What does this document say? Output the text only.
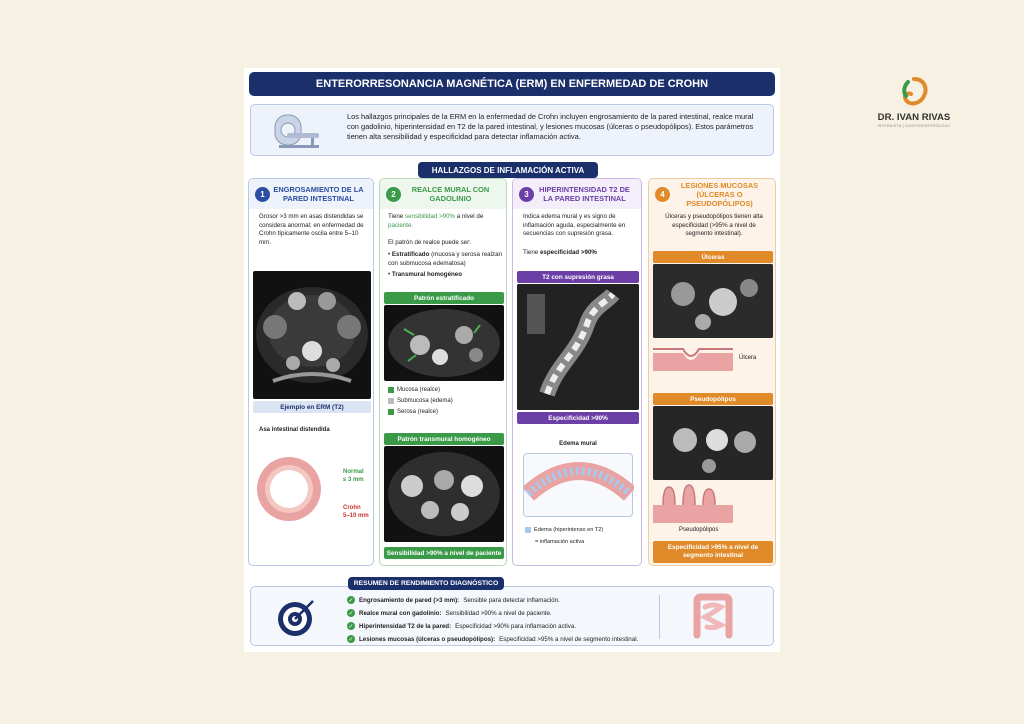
DR. IVAN RIVAS
INTERNISTA | GASTROENTERÓLOGO
ENTERORRESONANCIA MAGNÉTICA (ERM) EN ENFERMEDAD DE CROHN

Los hallazgos principales de la ERM en la enfermedad de Crohn incluyen engrosamiento de la pared intestinal, realce mural con gadolinio, hiperintensidad en T2 de la pared intestinal, y lesiones mucosas (úlceras o pseudopólipos). Estos parámetros tienen alta sensibilidad y especificidad para detectar inflamación activa.

HALLAZGOS DE INFLAMACIÓN ACTIVA
1	ENGROSAMIENTO DE LA PARED INTESTINAL
Grosor >3 mm en asas distendidas se considera anormal; en enfermedad de Crohn típicamente oscila entre 5–10 mm.
Ejemplo en ERM (T2)
Asa intestinal distendida
Normal
≤ 3 mm
Crohn
5–10 mm
2	REALCE MURAL CON GADOLINIO
Tiene sensibilidad >90% a nivel de paciente.
El patrón de realce puede ser:
• Estratificado (mucosa y serosa realzan con submucosa edematosa)
• Transmural homogéneo
Patrón estratificado
Mucosa (realce)
Submucosa (edema)
Serosa (realce)
Patrón transmural homogéneo
Sensibilidad >90% a nivel de paciente
3	HIPERINTENSIDAD T2 DE LA PARED INTESTINAL
Indica edema mural y es signo de inflamación aguda, especialmente en secuencias con supresión grasa.
Tiene especificidad >90%
T2 con supresión grasa
Especificidad >90%
Edema mural
Edema (hiperintenso en T2)
= inflamación activa
4
LESIONES MUCOSAS (ÚLCERAS O PSEUDOPÓLIPOS)
Úlceras y pseudopólipos tienen alta especificidad (>95% a nivel de segmento intestinal).
Úlceras
Úlcera
Pseudopólipos
Pseudopólipos
Especificidad >95% a nivel de segmento intestinal
✓ Engrosamiento de pared (>3 mm): Sensible para detectar inflamación.
✓ Realce mural con gadolinio: Sensibilidad >90% a nivel de paciente.
✓ Hiperintensidad T2 de la pared: Especificidad >90% para inflamación activa.
✓ Lesiones mucosas (úlceras o pseudopólipos): Especificidad >95% a nivel de segmento intestinal.
RESUMEN DE RENDIMIENTO DIAGNÓSTICO
